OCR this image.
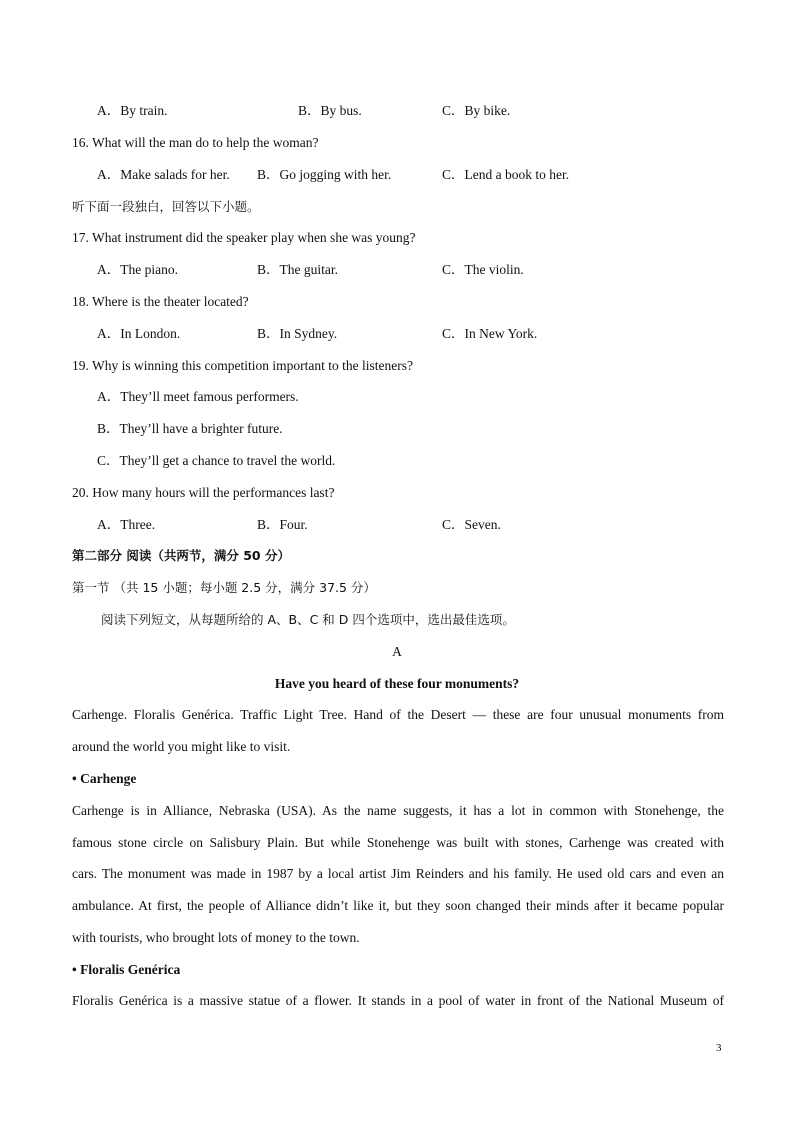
A．By train.	B．By bus.	C．By bike.
16. What will the man do to help the woman?
A．Make salads for her. B．Go jogging with her.	C．Lend a book to her.
听下面一段独白，回答以下小题。
17. What instrument did the speaker play when she was young?
A．The piano.	B．The guitar.	C．The violin.
18. Where is the theater located?
A．In London.	B．In Sydney.	C．In New York.
19. Why is winning this competition important to the listeners?
A．They’ll meet famous performers.
B．They’ll have a brighter future.
C．They’ll get a chance to travel the world.
20. How many hours will the performances last?
A．Three.	B．Four.	C．Seven.
第二部分 阅读（共两节，满分 50 分）
第一节 （共 15 小题；每小题 2.5 分，满分 37.5 分）
阅读下列短文，从每题所给的 A、B、C 和 D 四个选项中，选出最佳选项。
A
Have you heard of these four monuments?
Carhenge. Floralis Genérica. Traffic Light Tree. Hand of the Desert — these are four unusual monuments from
around the world you might like to visit.
• Carhenge
Carhenge is in Alliance, Nebraska (USA). As the name suggests, it has a lot in common with Stonehenge, the
famous stone circle on Salisbury Plain. But while Stonehenge was built with stones, Carhenge was created with
cars. The monument was made in 1987 by a local artist Jim Reinders and his family. He used old cars and even an
ambulance. At first, the people of Alliance didn’t like it, but they soon changed their minds after it became popular
with tourists, who brought lots of money to the town.
• Floralis Genérica
Floralis Genérica is a massive statue of a flower. It stands in a pool of water in front of the National Museum of
3
